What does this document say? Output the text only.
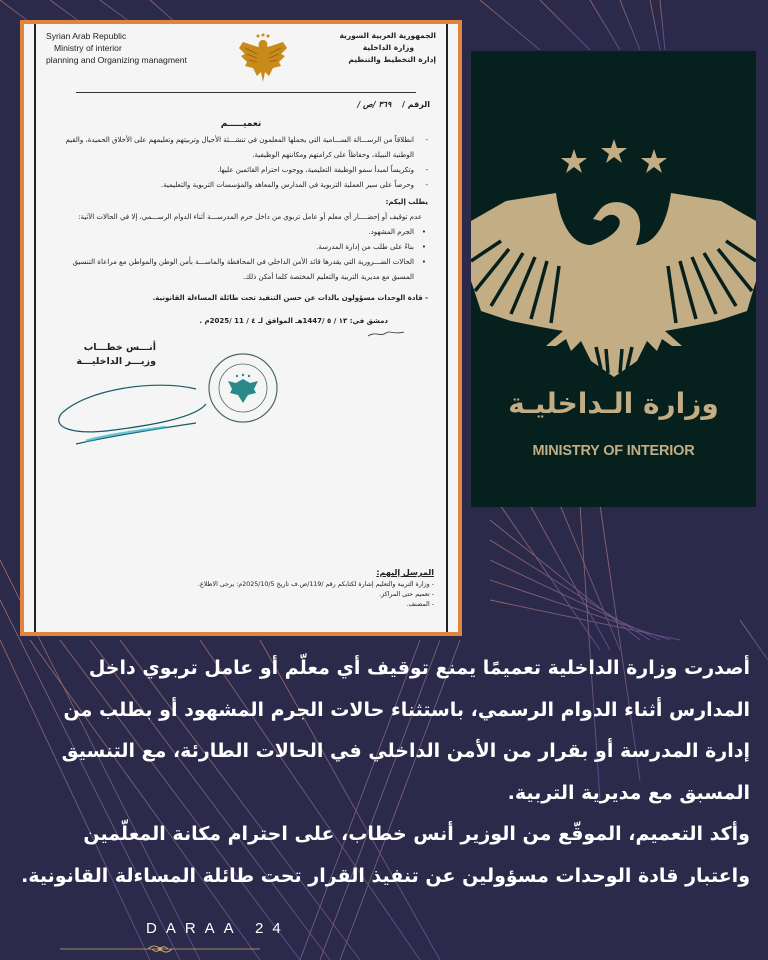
Syrian Arab Republic
Ministry of interior
planning and Organizing managment
الجمهورية العربية السورية
وزارة الداخلية
إدارة التخطيط والتنظيم
الرقم / ٣٦٩ /ص /
تعميـــــم
- انطلاقاً من الرســـالة الســـامية التي يحملها المعلمون في تنشـــئة الأجيال وتربيتهم وتعليمهم على الأخلاق الحميدة، والقيم الوطنية النبيلة، وحفاظاً على كرامتهم ومكانتهم الوظيفية.
- وتكريساً لمبدأ سمو الوظيفة التعليمية، ووجوب احترام القائمين عليها.
- وحرصاً على سير العملية التربوية في المدارس والمعاهد والمؤسسات التربوية والتعليمية.
يطلب إليكم:
عدم توقيف أو إحضــــار أي معلم أو عامل تربوي من داخل حرم المدرســـة أثناء الدوام الرســـمي، إلا في الحالات الآتية:
• الجرم المشهود.
• بناءً على طلب من إدارة المدرسة.
• الحالات الضـــرورية التي يقدرها قائد الأمن الداخلي في المحافظة والماســـة بأمن الوطن والمواطن مع مراعاة التنسيق المسبق مع مديرية التربية والتعليم المختصة كلما أمكن ذلك.
- قادة الوحدات مسؤولون بالذات عن حسن التنفيذ تحت طائلة المساءلة القانونية.
دمشق في: ١٣ / ٥ /1447هـ الموافق لـ ٤ / 11 /2025م .
أنـــس خطـــاب
وزيـــر الداخليـــة
المرسل إليهم:
- وزارة التربية والتعليم إشارة لكتابكم رقم /119/ص.ف تاريخ 2025/10/5م: يرجى الاطلاع.
- تعميم حتى المراكز.
- المصنف.
وزارة الـداخليـة
MINISTRY OF INTERIOR

أصدرت وزارة الداخلية تعميمًا يمنع توقيف أي معلّم أو عامل تربوي داخل المدارس أثناء الدوام الرسمي، باستثناء حالات الجرم المشهود أو بطلب من إدارة المدرسة أو بقرار من الأمن الداخلي في الحالات الطارئة، مع التنسيق المسبق مع مديرية التربية.

وأكد التعميم، الموقّع من الوزير أنس خطاب، على احترام مكانة المعلّمين واعتبار قادة الوحدات مسؤولين عن تنفيذ القرار تحت طائلة المساءلة القانونية.

DARAA 24
